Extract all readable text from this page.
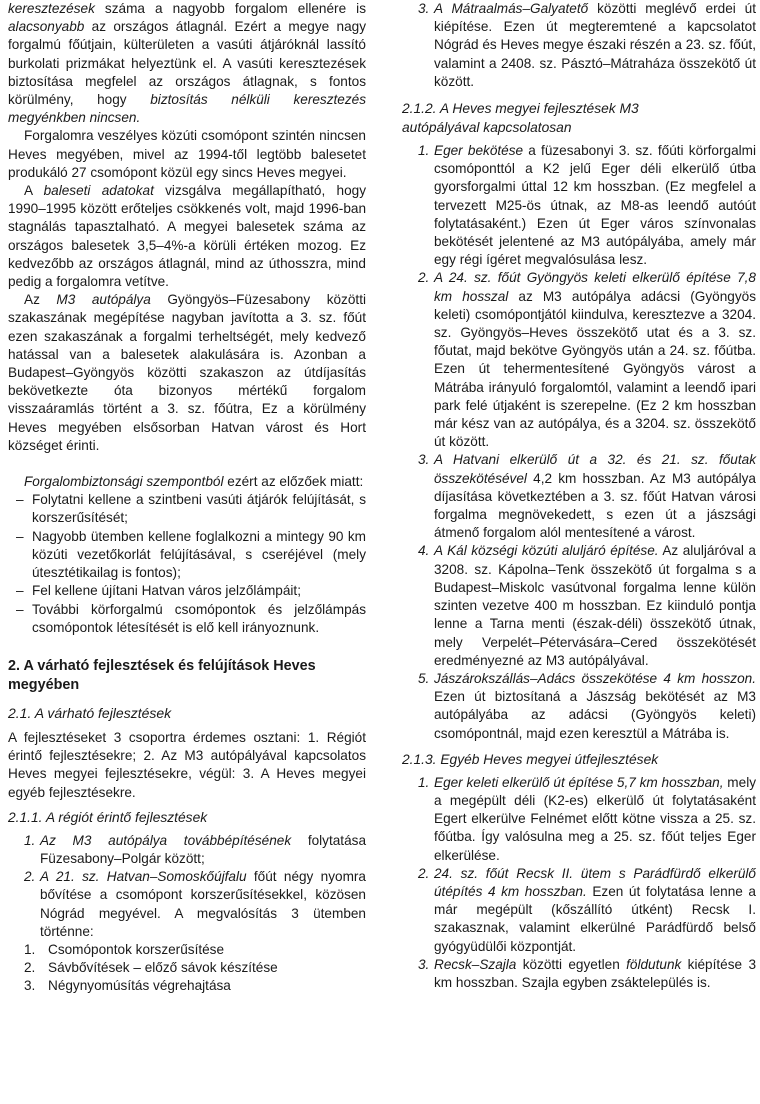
keresztezések száma a nagyobb forgalom ellenére is alacsonyabb az országos átlagnál. Ezért a megye nagy forgalmú főútjain, külterületen a vasúti átjáróknál lassító burkolati prizmákat helyeztünk el. A vasúti keresztezések biztosítása megfelel az országos átlagnak, s fontos körülmény, hogy biztosítás nélküli keresztezés megyénkben nincsen.

Forgalomra veszélyes közúti csomópont szintén nincsen Heves megyében, mivel az 1994-től legtöbb balesetet produkáló 27 csomópont közül egy sincs Heves megyei.

A baleseti adatokat vizsgálva megállapítható, hogy 1990–1995 között erőteljes csökkenés volt, majd 1996-ban stagnálás tapasztalható. A megyei balesetek száma az országos balesetek 3,5–4%-a körüli értéken mozog. Ez kedvezőbb az országos átlagnál, mind az úthosszra, mind pedig a forgalomra vetítve.

Az M3 autópálya Gyöngyös–Füzesabony közötti szakaszának megépítése nagyban javította a 3. sz. főút ezen szakaszának a forgalmi terheltségét, mely kedvező hatással van a balesetek alakulására is. Azonban a Budapest–Gyöngyös közötti szakaszon az útdíjasítás bekövetkezte óta bizonyos mértékű forgalom visszaáramlás történt a 3. sz. főútra, Ez a körülmény Heves megyében elsősorban Hatvan várost és Hort községet érinti.

Forgalombiztonsági szempontból ezért az előzőek miatt:

– Folytatni kellene a szintbeni vasúti átjárók felújítását, s korszerűsítését;
– Nagyobb ütemben kellene foglalkozni a mintegy 90 km közúti vezetőkorlát felújításával, s cseréjével (mely útesztétikailag is fontos);
– Fel kellene újítani Hatvan város jelzőlámpáit;
– További körforgalmú csomópontok és jelzőlámpás csomópontok létesítését is elő kell irányoznunk.
2. A várható fejlesztések és felújítások Heves megyében
2.1. A várható fejlesztések

A fejlesztéseket 3 csoportra érdemes osztani: 1. Régiót érintő fejlesztésekre; 2. Az M3 autópályával kapcsolatos Heves megyei fejlesztésekre, végül: 3. A Heves megyei egyéb fejlesztésekre.

2.1.1. A régiót érintő fejlesztések
1. Az M3 autópálya továbbépítésének folytatása Füzesabony–Polgár között;
2. A 21. sz. Hatvan–Somoskőújfalu főút négy nyomra bővítése a csomópont korszerűsítésekkel, közösen Nógrád megyével. A megvalósítás 3 ütemben történne:
1. Csomópontok korszerűsítése
2. Sávbővítések – előző sávok készítése
3. Négynyomúsítás végrehajtása
3. A Mátraalmás–Galyatető közötti meglévő erdei út kiépítése. Ezen út megteremtené a kapcsolatot Nógrád és Heves megye északi részén a 23. sz. főút, valamint a 2408. sz. Pásztó–Mátraháza összekötő út között.
2.1.2. A Heves megyei fejlesztések M3 autópályával kapcsolatosan
1. Eger bekötése a füzesabonyi 3. sz. főúti körforgalmi csomóponttól a K2 jelű Eger déli elkerülő útba gyorsforgalmi úttal 12 km hosszban. (Ez megfelel a tervezett M25-ös útnak, az M8-as leendő autóút folytatásaként.) Ezen út Eger város színvonalas bekötését jelentené az M3 autópályába, amely már egy régi ígéret megvalósulása lesz.
2. A 24. sz. főút Gyöngyös keleti elkerülő építése 7,8 km hosszal az M3 autópálya adácsi (Gyöngyös keleti) csomópontjától kiindulva, keresztezve a 3204. sz. Gyöngyös–Heves összekötő utat és a 3. sz. főutat, majd bekötve Gyöngyös után a 24. sz. főútba. Ezen út tehermentesítené Gyöngyös várost a Mátrába irányuló forgalomtól, valamint a leendő ipari park felé útjaként is szerepelne. (Ez 2 km hosszban már kész van az autópálya, és a 3204. sz. összekötő út között.
3. A Hatvani elkerülő út a 32. és 21. sz. főutak összekötésével 4,2 km hosszban. Az M3 autópálya díjasítása következtében a 3. sz. főút Hatvan városi forgalma megnövekedett, s ezen út a jászsági átmenő forgalom alól mentesítené a várost.
4. A Kál községi közúti aluljáró építése. Az aluljáróval a 3208. sz. Kápolna–Tenk összekötő út forgalma s a Budapest–Miskolc vasútvonal forgalma lenne külön szinten vezetve 400 m hosszban. Ez kiinduló pontja lenne a Tarna menti (észak-déli) összekötő útnak, mely Verpelét–Pétervására–Cered összekötését eredményezné az M3 autópályával.
5. Jászárokszállás–Adács összekötése 4 km hosszon. Ezen út biztosítaná a Jászság bekötését az M3 autópályába az adácsi (Gyöngyös keleti) csomópontnál, majd ezen keresztül a Mátrába is.
2.1.3. Egyéb Heves megyei útfejlesztések
1. Eger keleti elkerülő út építése 5,7 km hosszban, mely a megépült déli (K2-es) elkerülő út folytatásaként Egert elkerülve Felnémet előtt kötne vissza a 25. sz. főútba. Így valósulna meg a 25. sz. főút teljes Eger elkerülése.
2. 24. sz. főút Recsk II. ütem s Parádfürdő elkerülő útépítés 4 km hosszban. Ezen út folytatása lenne a már megépült (kőszállító útként) Recsk I. szakasznak, valamint elkerülné Parádfürdő belső gyógyüdülői központját.
3. Recsk–Szajla közötti egyetlen földutunk kiépítése 3 km hosszban. Szajla egyben zsáktelepülés is.
